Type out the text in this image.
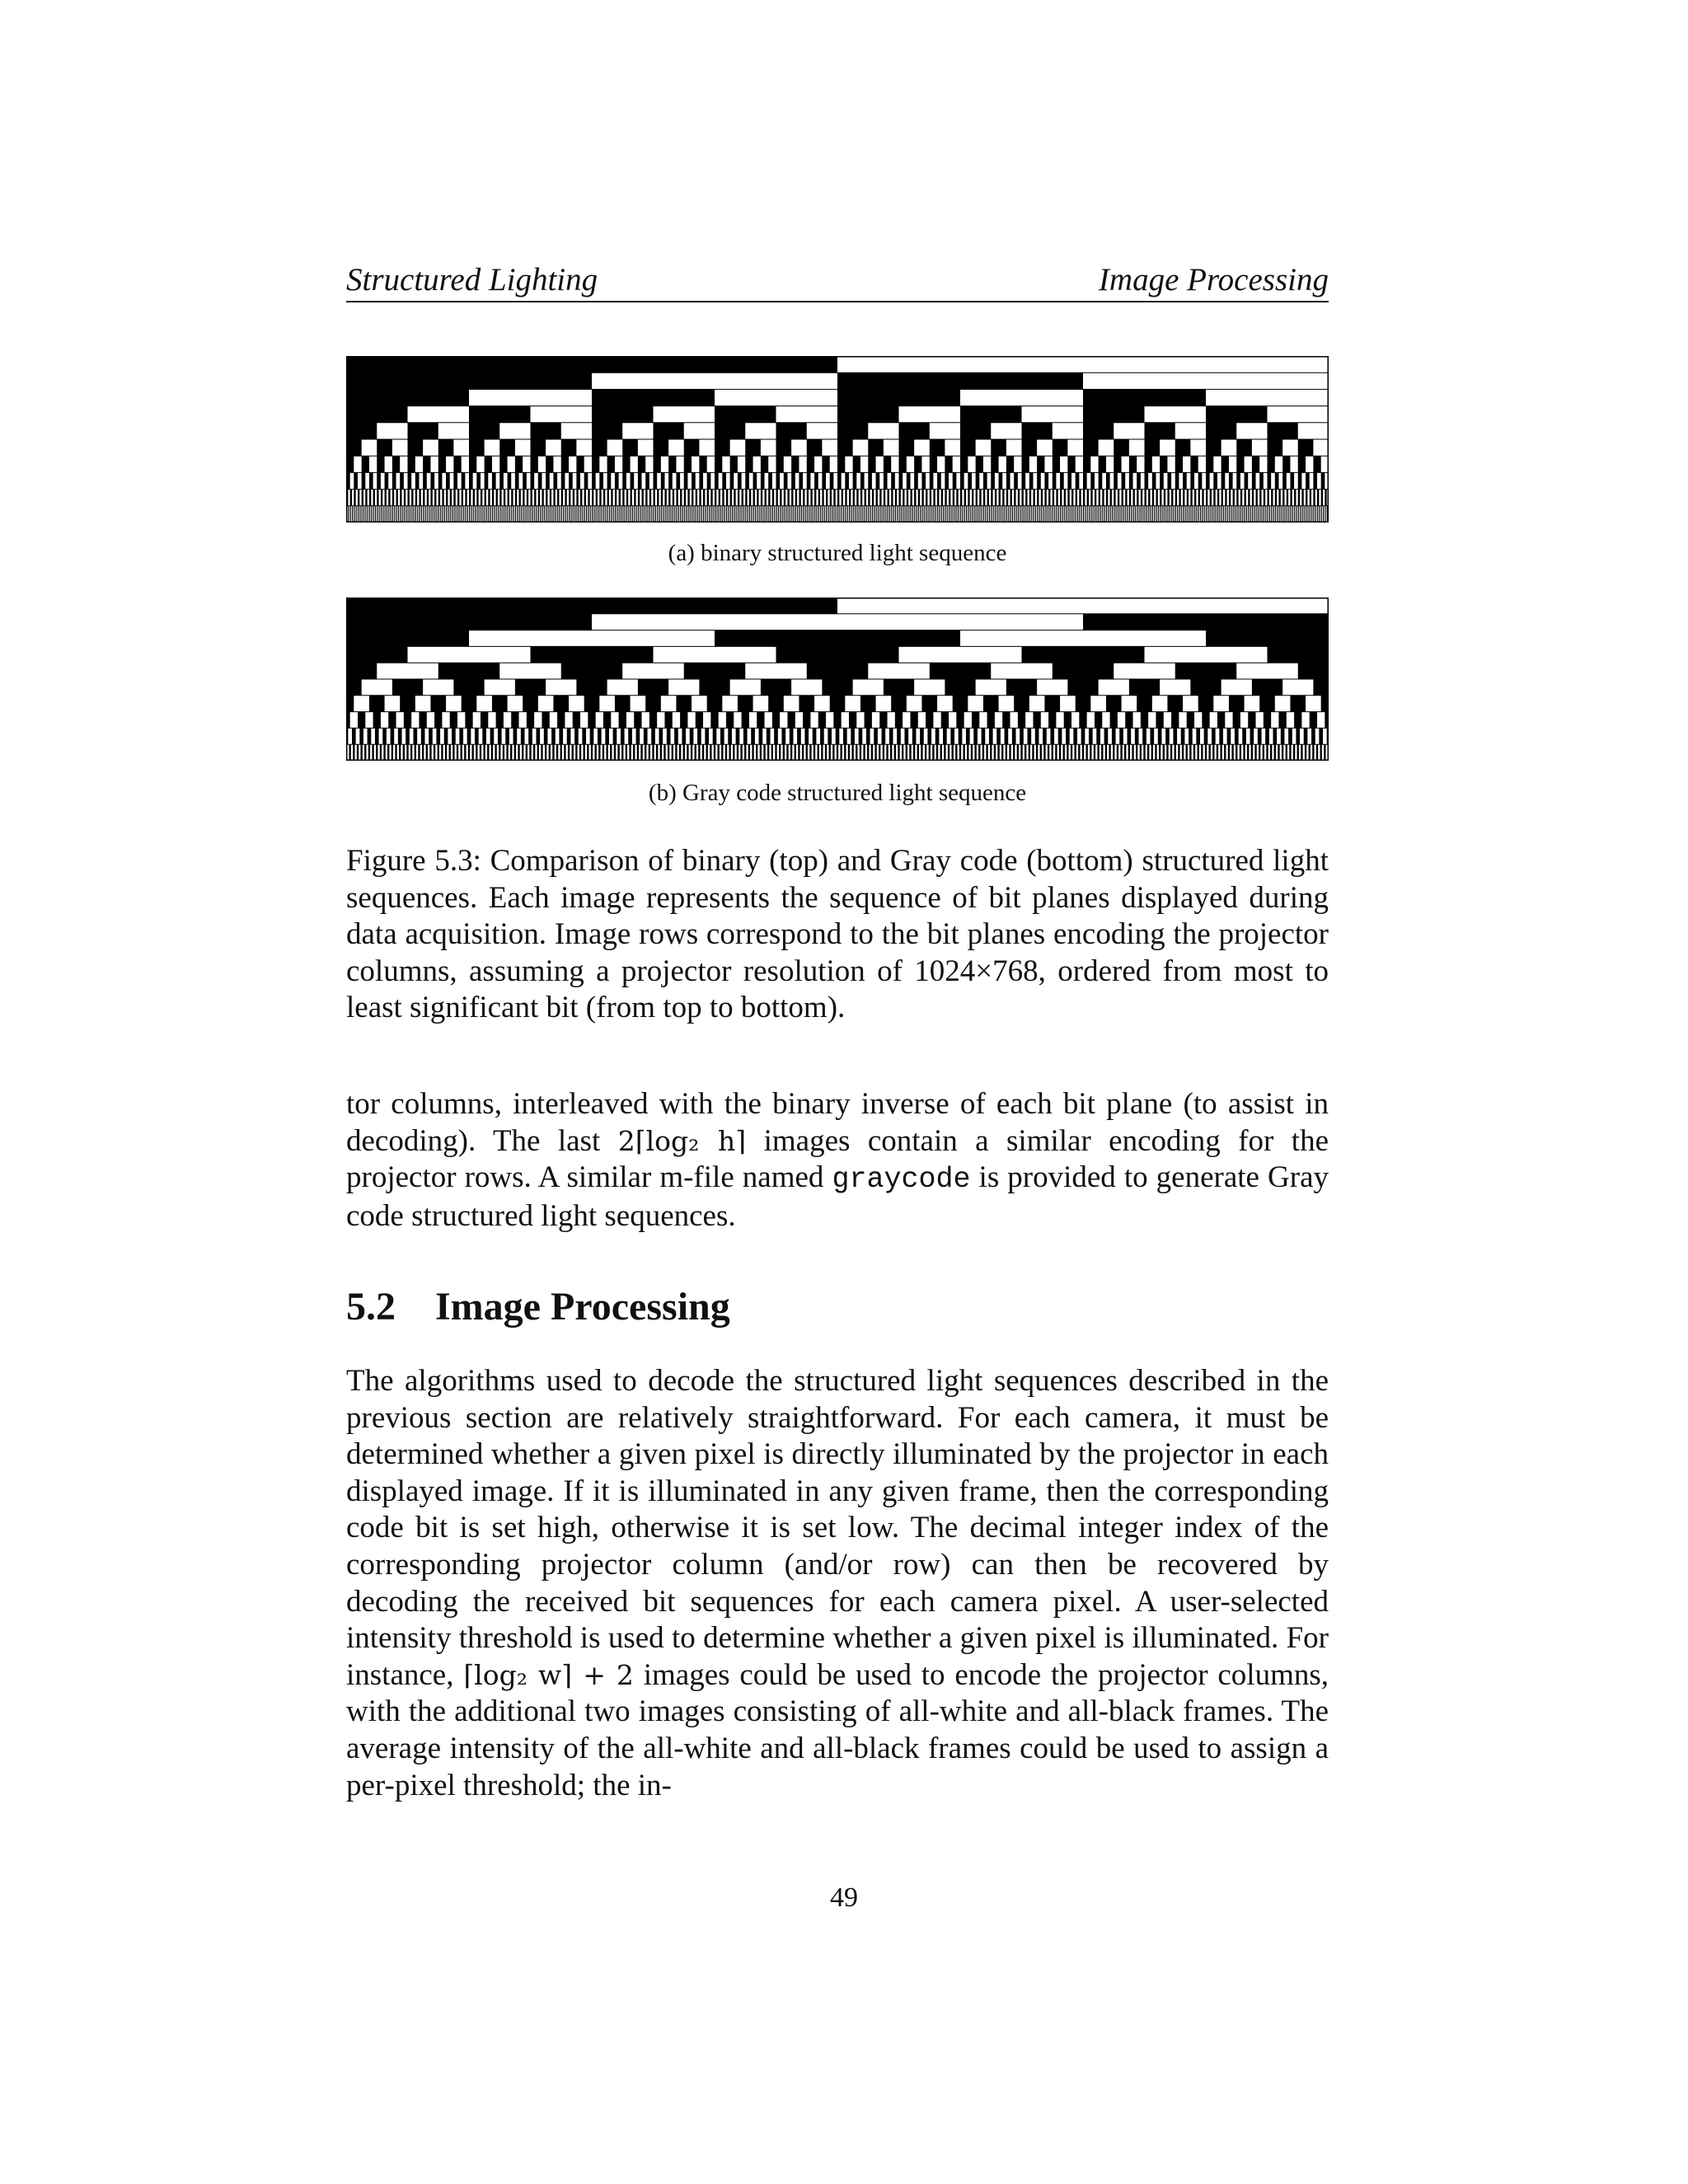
Structured Lighting	Image Processing
(a) binary structured light sequence
(b) Gray code structured light sequence

Figure 5.3: Comparison of binary (top) and Gray code (bottom) structured light sequences. Each image represents the sequence of bit planes displayed during data acquisition. Image rows correspond to the bit planes encoding the projector columns, assuming a projector resolution of 1024×768, ordered from most to least significant bit (from top to bottom).

tor columns, interleaved with the binary inverse of each bit plane (to assist in decoding). The last 2⌈log₂ h⌉ images contain a similar encoding for the projector rows. A similar m-file named graycode is provided to generate Gray code structured light sequences.

5.2 Image Processing

The algorithms used to decode the structured light sequences described in the previous section are relatively straightforward. For each camera, it must be determined whether a given pixel is directly illuminated by the projector in each displayed image. If it is illuminated in any given frame, then the corresponding code bit is set high, otherwise it is set low. The decimal integer index of the corresponding projector column (and/or row) can then be recovered by decoding the received bit sequences for each camera pixel. A user-selected intensity threshold is used to determine whether a given pixel is illuminated. For instance, ⌈log₂ w⌉ + 2 images could be used to encode the projector columns, with the additional two images consisting of all-white and all-black frames. The average intensity of the all-white and all-black frames could be used to assign a per-pixel threshold; the in-

49
